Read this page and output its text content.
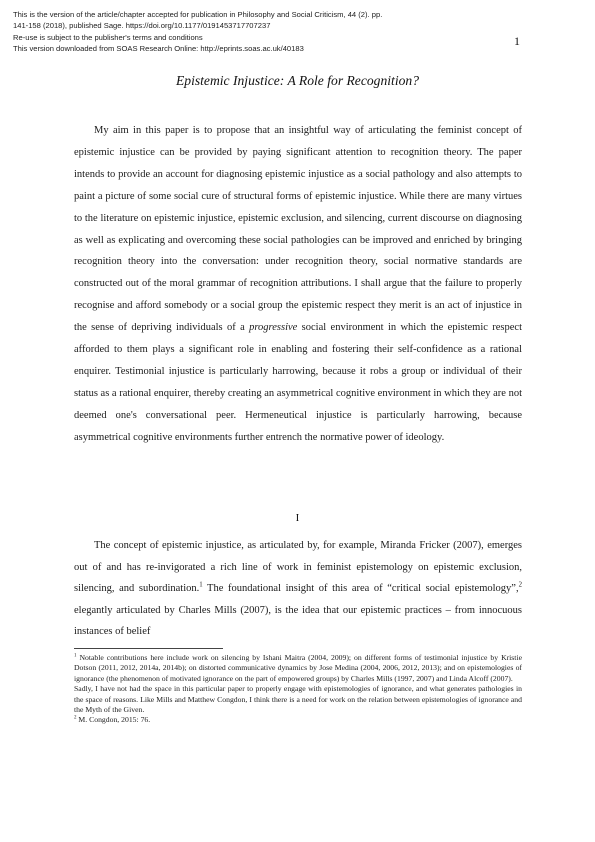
This is the version of the article/chapter accepted for publication in Philosophy and Social Criticism, 44 (2). pp.
141-158 (2018), published Sage. https://doi.org/10.1177/0191453717707237
Re-use is subject to the publisher's terms and conditions
This version downloaded from SOAS Research Online: http://eprints.soas.ac.uk/40183
1
Epistemic Injustice: A Role for Recognition?

My aim in this paper is to propose that an insightful way of articulating the feminist concept of epistemic injustice can be provided by paying significant attention to recognition theory. The paper intends to provide an account for diagnosing epistemic injustice as a social pathology and also attempts to paint a picture of some social cure of structural forms of epistemic injustice. While there are many virtues to the literature on epistemic injustice, epistemic exclusion, and silencing, current discourse on diagnosing as well as explicating and overcoming these social pathologies can be improved and enriched by bringing recognition theory into the conversation: under recognition theory, social normative standards are constructed out of the moral grammar of recognition attributions. I shall argue that the failure to properly recognise and afford somebody or a social group the epistemic respect they merit is an act of injustice in the sense of depriving individuals of a progressive social environment in which the epistemic respect afforded to them plays a significant role in enabling and fostering their self-confidence as a rational enquirer. Testimonial injustice is particularly harrowing, because it robs a group or individual of their status as a rational enquirer, thereby creating an asymmetrical cognitive environment in which they are not deemed one's conversational peer. Hermeneutical injustice is particularly harrowing, because asymmetrical cognitive environments further entrench the normative power of ideology.

I

The concept of epistemic injustice, as articulated by, for example, Miranda Fricker (2007), emerges out of and has re-invigorated a rich line of work in feminist epistemology on epistemic exclusion, silencing, and subordination.$^1$ The foundational insight of this area of “critical social epistemology”,$^2$ elegantly articulated by Charles Mills (2007), is the idea that our epistemic practices – from innocuous instances of belief

$^1$ Notable contributions here include work on silencing by Ishani Maitra (2004, 2009); on different forms of testimonial injustice by Kristie Dotson (2011, 2012, 2014a, 2014b); on distorted communicative dynamics by Jose Medina (2004, 2006, 2012, 2013); and on epistemologies of ignorance (the phenomenon of motivated ignorance on the part of empowered groups) by Charles Mills (1997, 2007) and Linda Alcoff (2007).

Sadly, I have not had the space in this particular paper to properly engage with epistemologies of ignorance, and what generates pathologies in the space of reasons. Like Mills and Matthew Congdon, I think there is a need for work on the relation between epistemologies of ignorance and the Myth of the Given.

$^2$ M. Congdon, 2015: 76.
